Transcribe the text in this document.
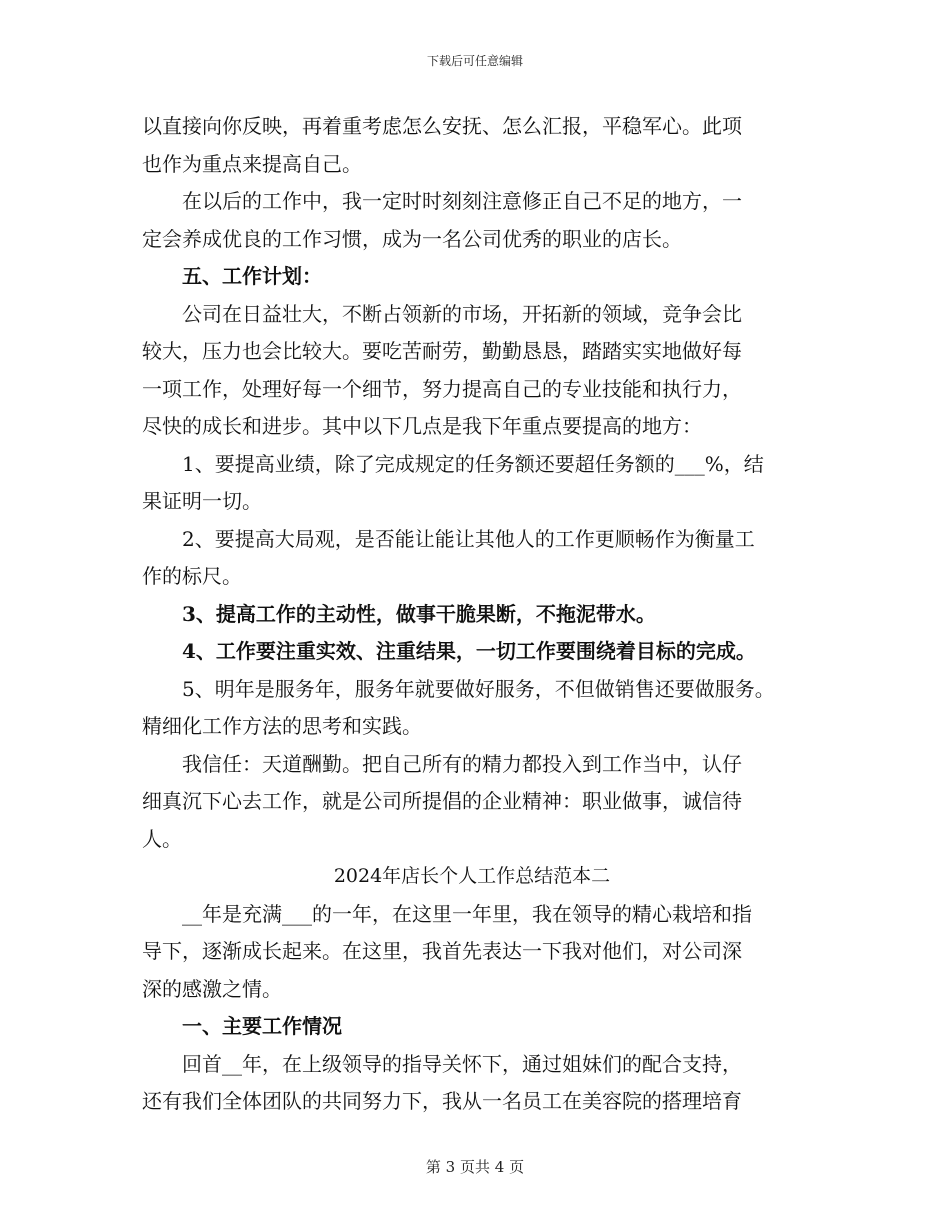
下载后可任意编辑
以直接向你反映，再着重考虑怎么安抚、怎么汇报，平稳军心。此项
也作为重点来提高自己。
在以后的工作中，我一定时时刻刻注意修正自己不足的地方，一
定会养成优良的工作习惯，成为一名公司优秀的职业的店长。
五、工作计划：
公司在日益壮大，不断占领新的市场，开拓新的领域，竞争会比
较大，压力也会比较大。要吃苦耐劳，勤勤恳恳，踏踏实实地做好每
一项工作，处理好每一个细节，努力提高自己的专业技能和执行力，
尽快的成长和进步。其中以下几点是我下年重点要提高的地方：
1、要提高业绩，除了完成规定的任务额还要超任务额的___%，结
果证明一切。
2、要提高大局观，是否能让能让其他人的工作更顺畅作为衡量工
作的标尺。
3、提高工作的主动性，做事干脆果断，不拖泥带水。
4、工作要注重实效、注重结果，一切工作要围绕着目标的完成。
5、明年是服务年，服务年就要做好服务，不但做销售还要做服务。
精细化工作方法的思考和实践。
我信任：天道酬勤。把自己所有的精力都投入到工作当中，认仔
细真沉下心去工作，就是公司所提倡的企业精神：职业做事，诚信待
人。
2024年店长个人工作总结范本二
__年是充满___的一年，在这里一年里，我在领导的精心栽培和指
导下，逐渐成长起来。在这里，我首先表达一下我对他们，对公司深
深的感激之情。
一、主要工作情况
回首__年，在上级领导的指导关怀下，通过姐妹们的配合支持，
还有我们全体团队的共同努力下，我从一名员工在美容院的搭理培育
第 3 页共 4 页
